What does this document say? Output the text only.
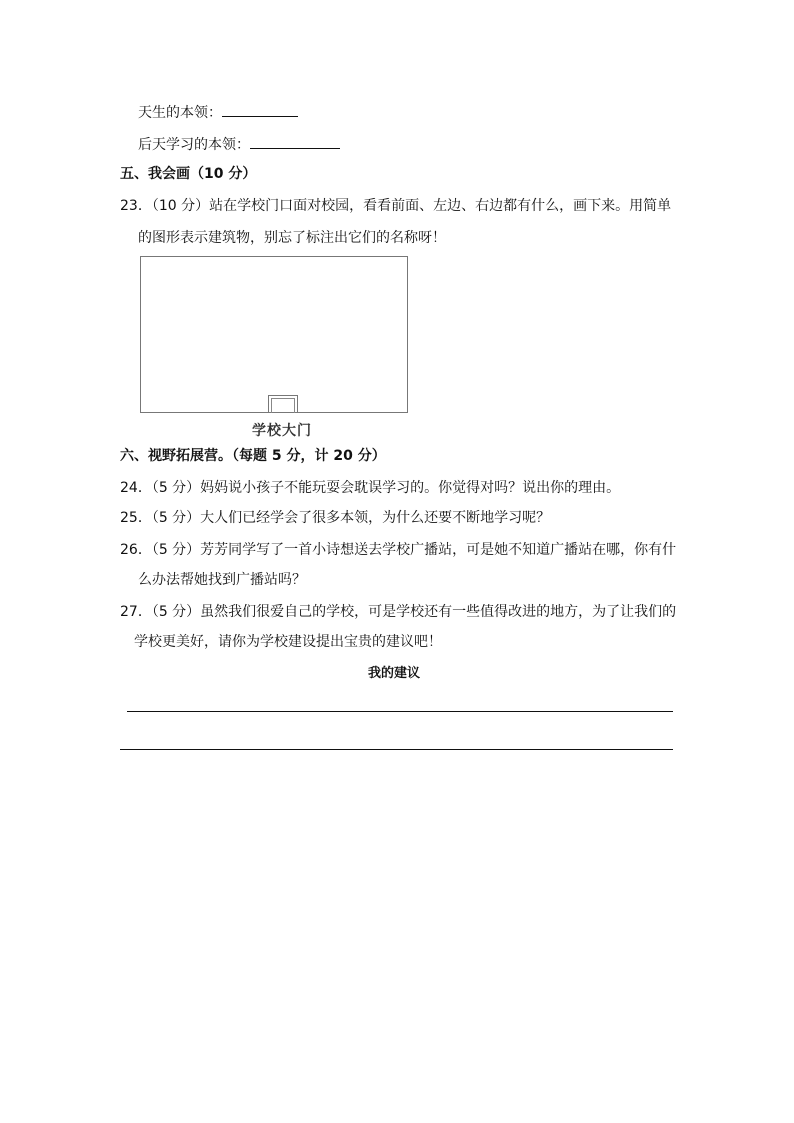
天生的本领：
后天学习的本领：
五、我会画（10 分）
23．（10 分）站在学校门口面对校园，看看前面、左边、右边都有什么，画下来。用简单
的图形表示建筑物，别忘了标注出它们的名称呀！
学校大门
六、视野拓展营。（每题 5 分，计 20 分）
24．（5 分）妈妈说小孩子不能玩耍会耽误学习的。你觉得对吗？说出你的理由。
25．（5 分）大人们已经学会了很多本领，为什么还要不断地学习呢？
26．（5 分）芳芳同学写了一首小诗想送去学校广播站，可是她不知道广播站在哪，你有什
么办法帮她找到广播站吗？
27．（5 分）虽然我们很爱自己的学校，可是学校还有一些值得改进的地方，为了让我们的
学校更美好，请你为学校建设提出宝贵的建议吧！
我的建议
